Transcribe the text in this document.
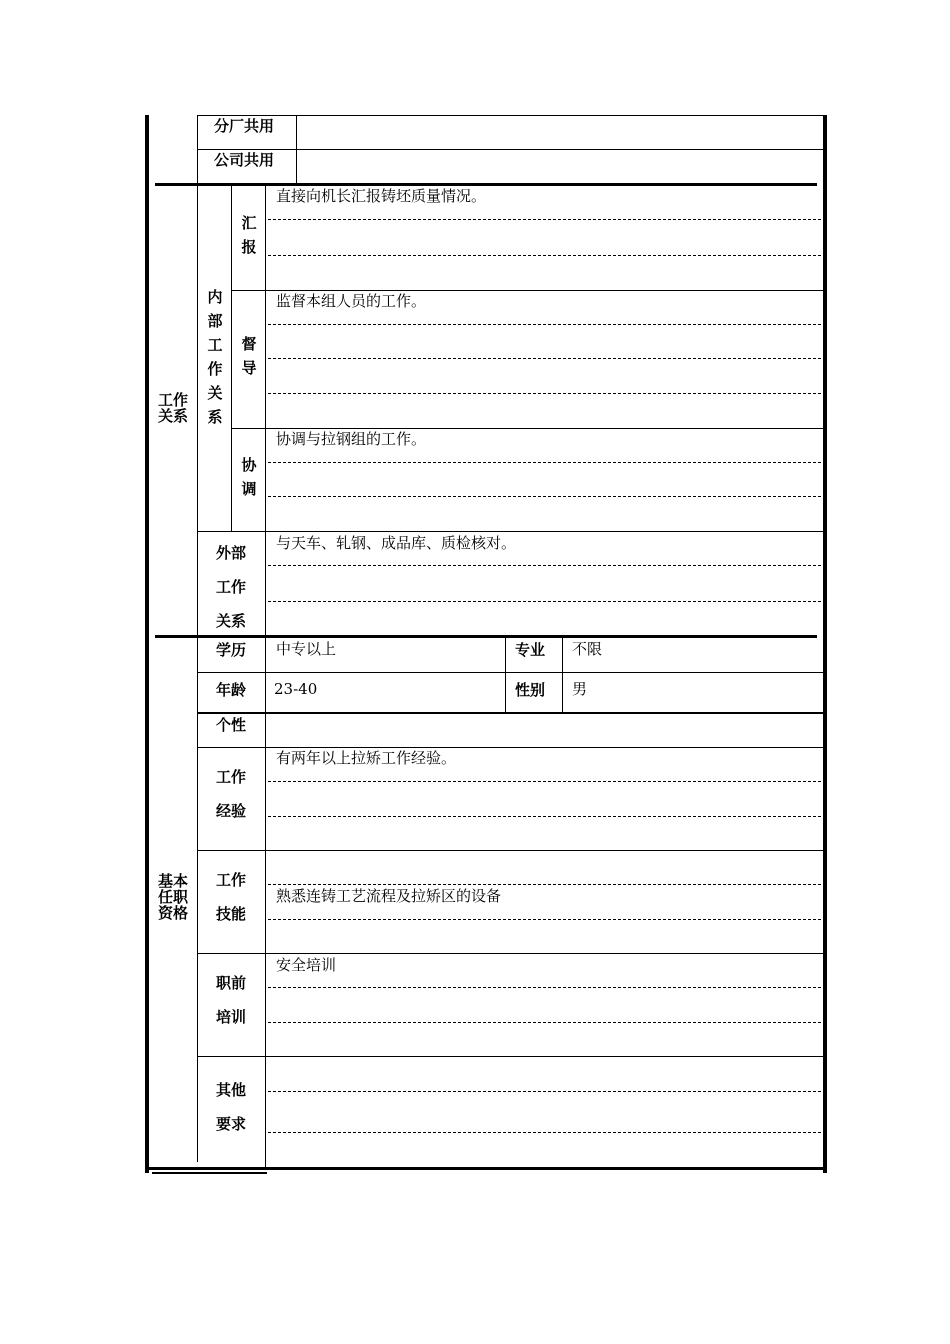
分厂共用
公司共用
工作关系
内部工作关系
汇报
直接向机长汇报铸坯质量情况。
督导
监督本组人员的工作。
协调
协调与拉钢组的工作。
外部
工作
关系
与天车、轧钢、成品库、质检核对。
基本任职资格
学历 中专以上	专业 不限
年龄 23-40	性别 男
个性
工作
经验
有两年以上拉矫工作经验。
工作
技能
熟悉连铸工艺流程及拉矫区的设备
职前
培训
安全培训
其他
要求
